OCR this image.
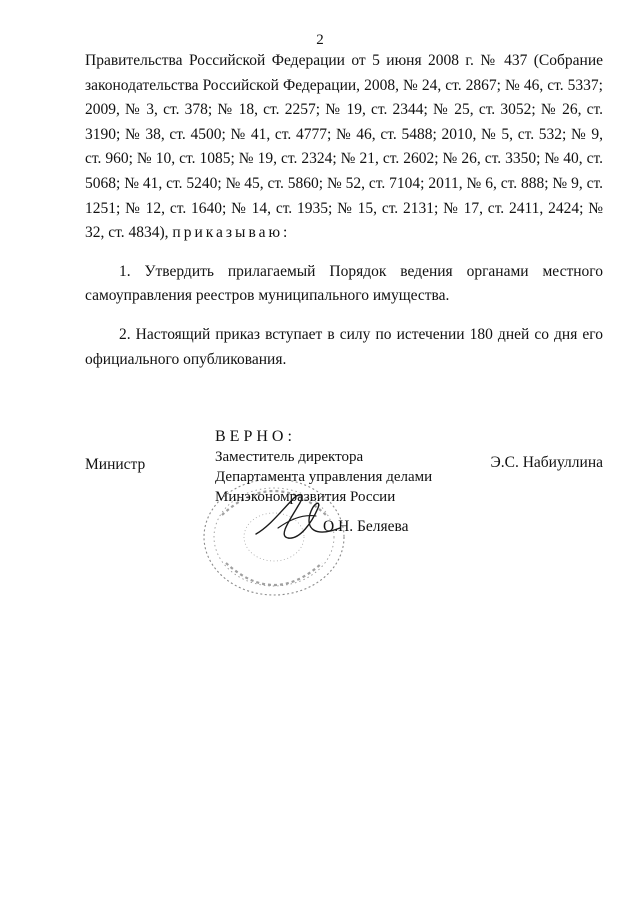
2

Правительства Российской Федерации от 5 июня 2008 г. № 437 (Собрание законодательства Российской Федерации, 2008, № 24, ст. 2867; № 46, ст. 5337; 2009, № 3, ст. 378; № 18, ст. 2257; № 19, ст. 2344; № 25, ст. 3052; № 26, ст. 3190; № 38, ст. 4500; № 41, ст. 4777; № 46, ст. 5488; 2010, № 5, ст. 532; № 9, ст. 960; № 10, ст. 1085; № 19, ст. 2324; № 21, ст. 2602; № 26, ст. 3350; № 40, ст. 5068; № 41, ст. 5240; № 45, ст. 5860; № 52, ст. 7104; 2011, № 6, ст. 888; № 9, ст. 1251; № 12, ст. 1640; № 14, ст. 1935; № 15, ст. 2131; № 17, ст. 2411, 2424; № 32, ст. 4834), приказываю:

1. Утвердить прилагаемый Порядок ведения органами местного самоуправления реестров муниципального имущества.

2. Настоящий приказ вступает в силу по истечении 180 дней со дня его официального опубликования.

Министр	Э.С. Набиуллина
ВЕРНО:
Заместитель директора
Департамента управления делами
Минэкономразвития России
О.Н. Беляева
